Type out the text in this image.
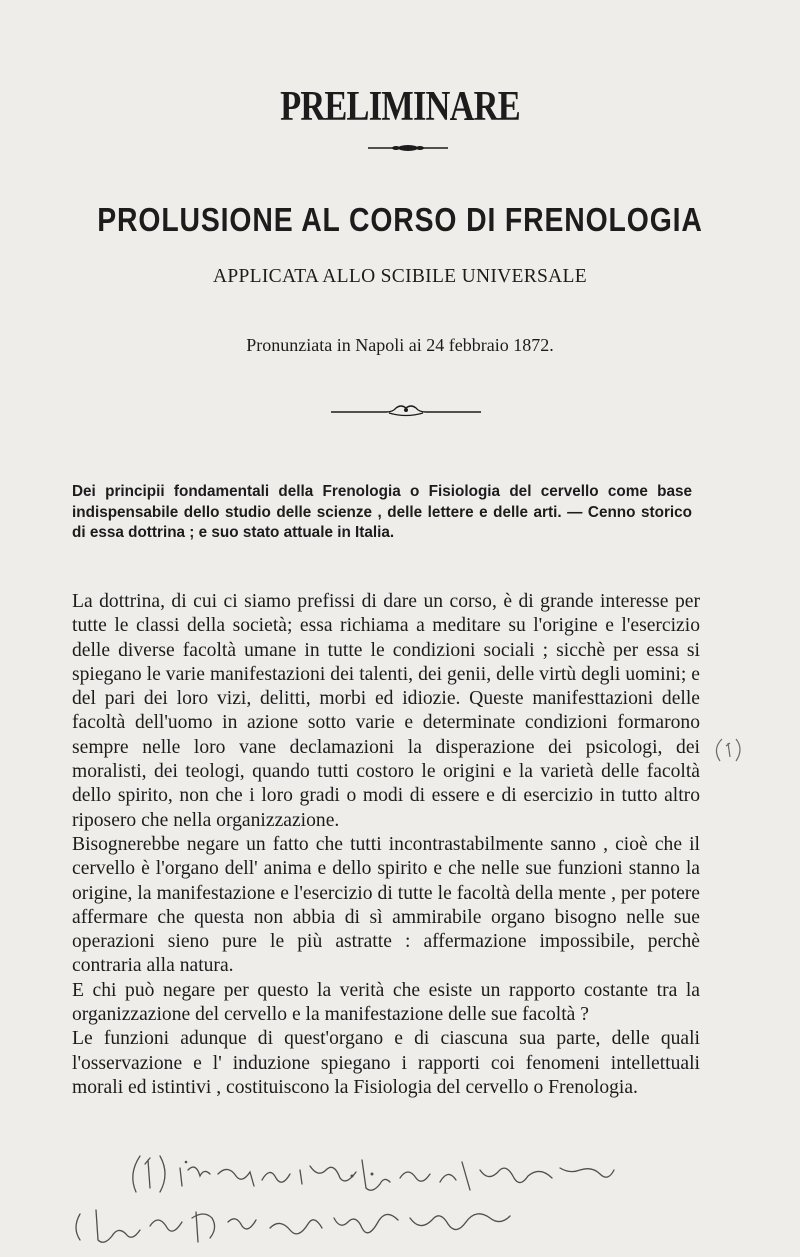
PRELIMINARE
PROLUSIONE AL CORSO DI FRENOLOGIA
APPLICATA ALLO SCIBILE UNIVERSALE
Pronunziata in Napoli ai 24 febbraio 1872.
Dei principii fondamentali della Frenologia o Fisiologia del cervello come base indispensabile dello studio delle scienze , delle lettere e delle arti. — Cenno storico di essa dottrina ; e suo stato attuale in Italia.

La dottrina, di cui ci siamo prefissi di dare un corso, è di grande interesse per tutte le classi della società; essa richiama a meditare su l'origine e l'esercizio delle diverse facoltà umane in tutte le condizioni sociali ; sicchè per essa si spiegano le varie manifestazioni dei talenti, dei genii, delle virtù degli uomini; e del pari dei loro vizi, delitti, morbi ed idiozie. Queste manifesttazioni delle facoltà dell'uomo in azione sotto varie e determinate condizioni formarono sempre nelle loro vane declamazioni la disperazione dei psicologi, dei moralisti, dei teologi, quando tutti costoro le origini e la varietà delle facoltà dello spirito, non che i loro gradi o modi di essere e di esercizio in tutto altro riposero che nella organizzazione.

Bisognerebbe negare un fatto che tutti incontrastabilmente sanno , cioè che il cervello è l'organo dell' anima e dello spirito e che nelle sue funzioni stanno la origine, la manifestazione e l'esercizio di tutte le facoltà della mente , per potere affermare che questa non abbia di sì ammirabile organo bisogno nelle sue operazioni sieno pure le più astratte : affermazione impossibile, perchè contraria alla natura.

E chi può negare per questo la verità che esiste un rapporto costante tra la organizzazione del cervello e la manifestazione delle sue facoltà ?

Le funzioni adunque di quest'organo e di ciascuna sua parte, delle quali l'osservazione e l' induzione spiegano i rapporti coi fenomeni intellettuali morali ed istintivi , costituiscono la Fisiologia del cervello o Frenologia.
